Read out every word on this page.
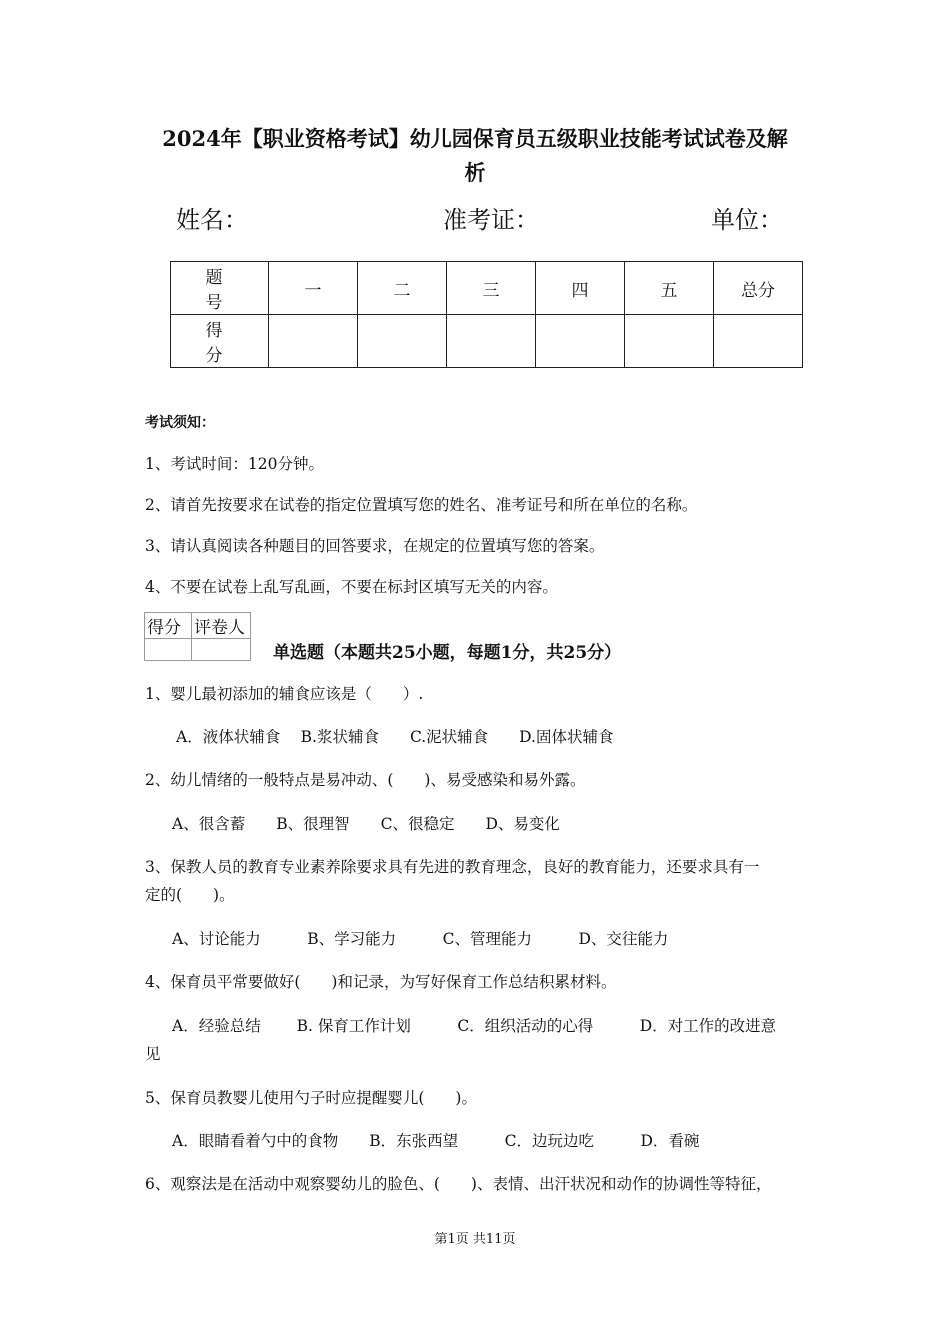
2024年【职业资格考试】幼儿园保育员五级职业技能考试试卷及解
析
姓名：	准考证：	单位：
题　号	一	二	三	四	五	总分
得　分						
考试须知：
1、考试时间：120分钟。
2、请首先按要求在试卷的指定位置填写您的姓名、准考证号和所在单位的名称。
3、请认真阅读各种题目的回答要求，在规定的位置填写您的答案。
4、不要在试卷上乱写乱画，不要在标封区填写无关的内容。
得分	评卷人

单选题（本题共25小题，每题1分，共25分）
1、婴儿最初添加的辅食应该是（　　）.
A．液体状辅食　 B.浆状辅食　　C.泥状辅食　　D.固体状辅食
2、幼儿情绪的一般特点是易冲动、(　　)、易受感染和易外露。
A、很含蓄　　B、很理智　　C、很稳定　　D、易变化
3、保教人员的教育专业素养除要求具有先进的教育理念，良好的教育能力，还要求具有一
定的(　　)。
A、讨论能力　　　B、学习能力　　　C、管理能力　　　D、交往能力
4、保育员平常要做好(　　)和记录，为写好保育工作总结积累材料。
A．经验总结　　 B. 保育工作计划　　　C．组织活动的心得　　　D．对工作的改进意
见
5、保育员教婴儿使用勺子时应提醒婴儿(　　)。
A．眼睛看着勺中的食物　　B．东张西望　　　C．边玩边吃　　　D．看碗
6、观察法是在活动中观察婴幼儿的脸色、(　　)、表情、出汗状况和动作的协调性等特征，
第1页 共11页
